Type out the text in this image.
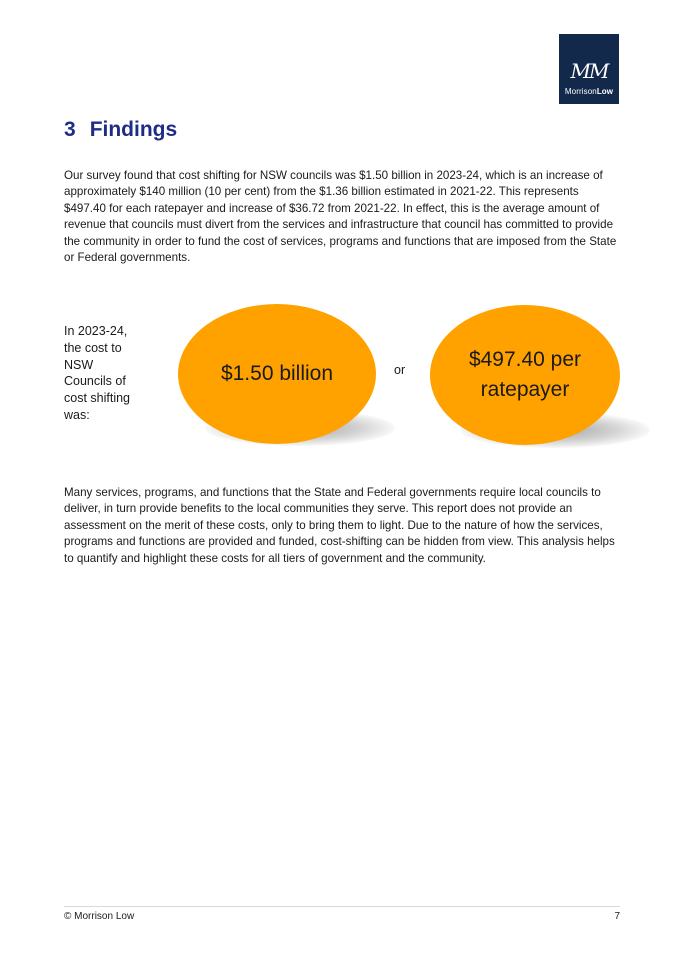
MM
MorrisonLow
3 Findings

Our survey found that cost shifting for NSW councils was $1.50 billion in 2023-24, which is an increase of approximately $140 million (10 per cent) from the $1.36 billion estimated in 2021-22. This represents $497.40 for each ratepayer and increase of $36.72 from 2021-22. In effect, this is the average amount of revenue that councils must divert from the services and infrastructure that council has committed to provide the community in order to fund the cost of services, programs and functions that are imposed from the State or Federal governments.

In 2023-24, the cost to NSW Councils of cost shifting was:

$1.50 billion	or	$497.40 per ratepayer

Many services, programs, and functions that the State and Federal governments require local councils to deliver, in turn provide benefits to the local communities they serve. This report does not provide an assessment on the merit of these costs, only to bring them to light. Due to the nature of how the services, programs and functions are provided and funded, cost-shifting can be hidden from view. This analysis helps to quantify and highlight these costs for all tiers of government and the community.

© Morrison Low	7
